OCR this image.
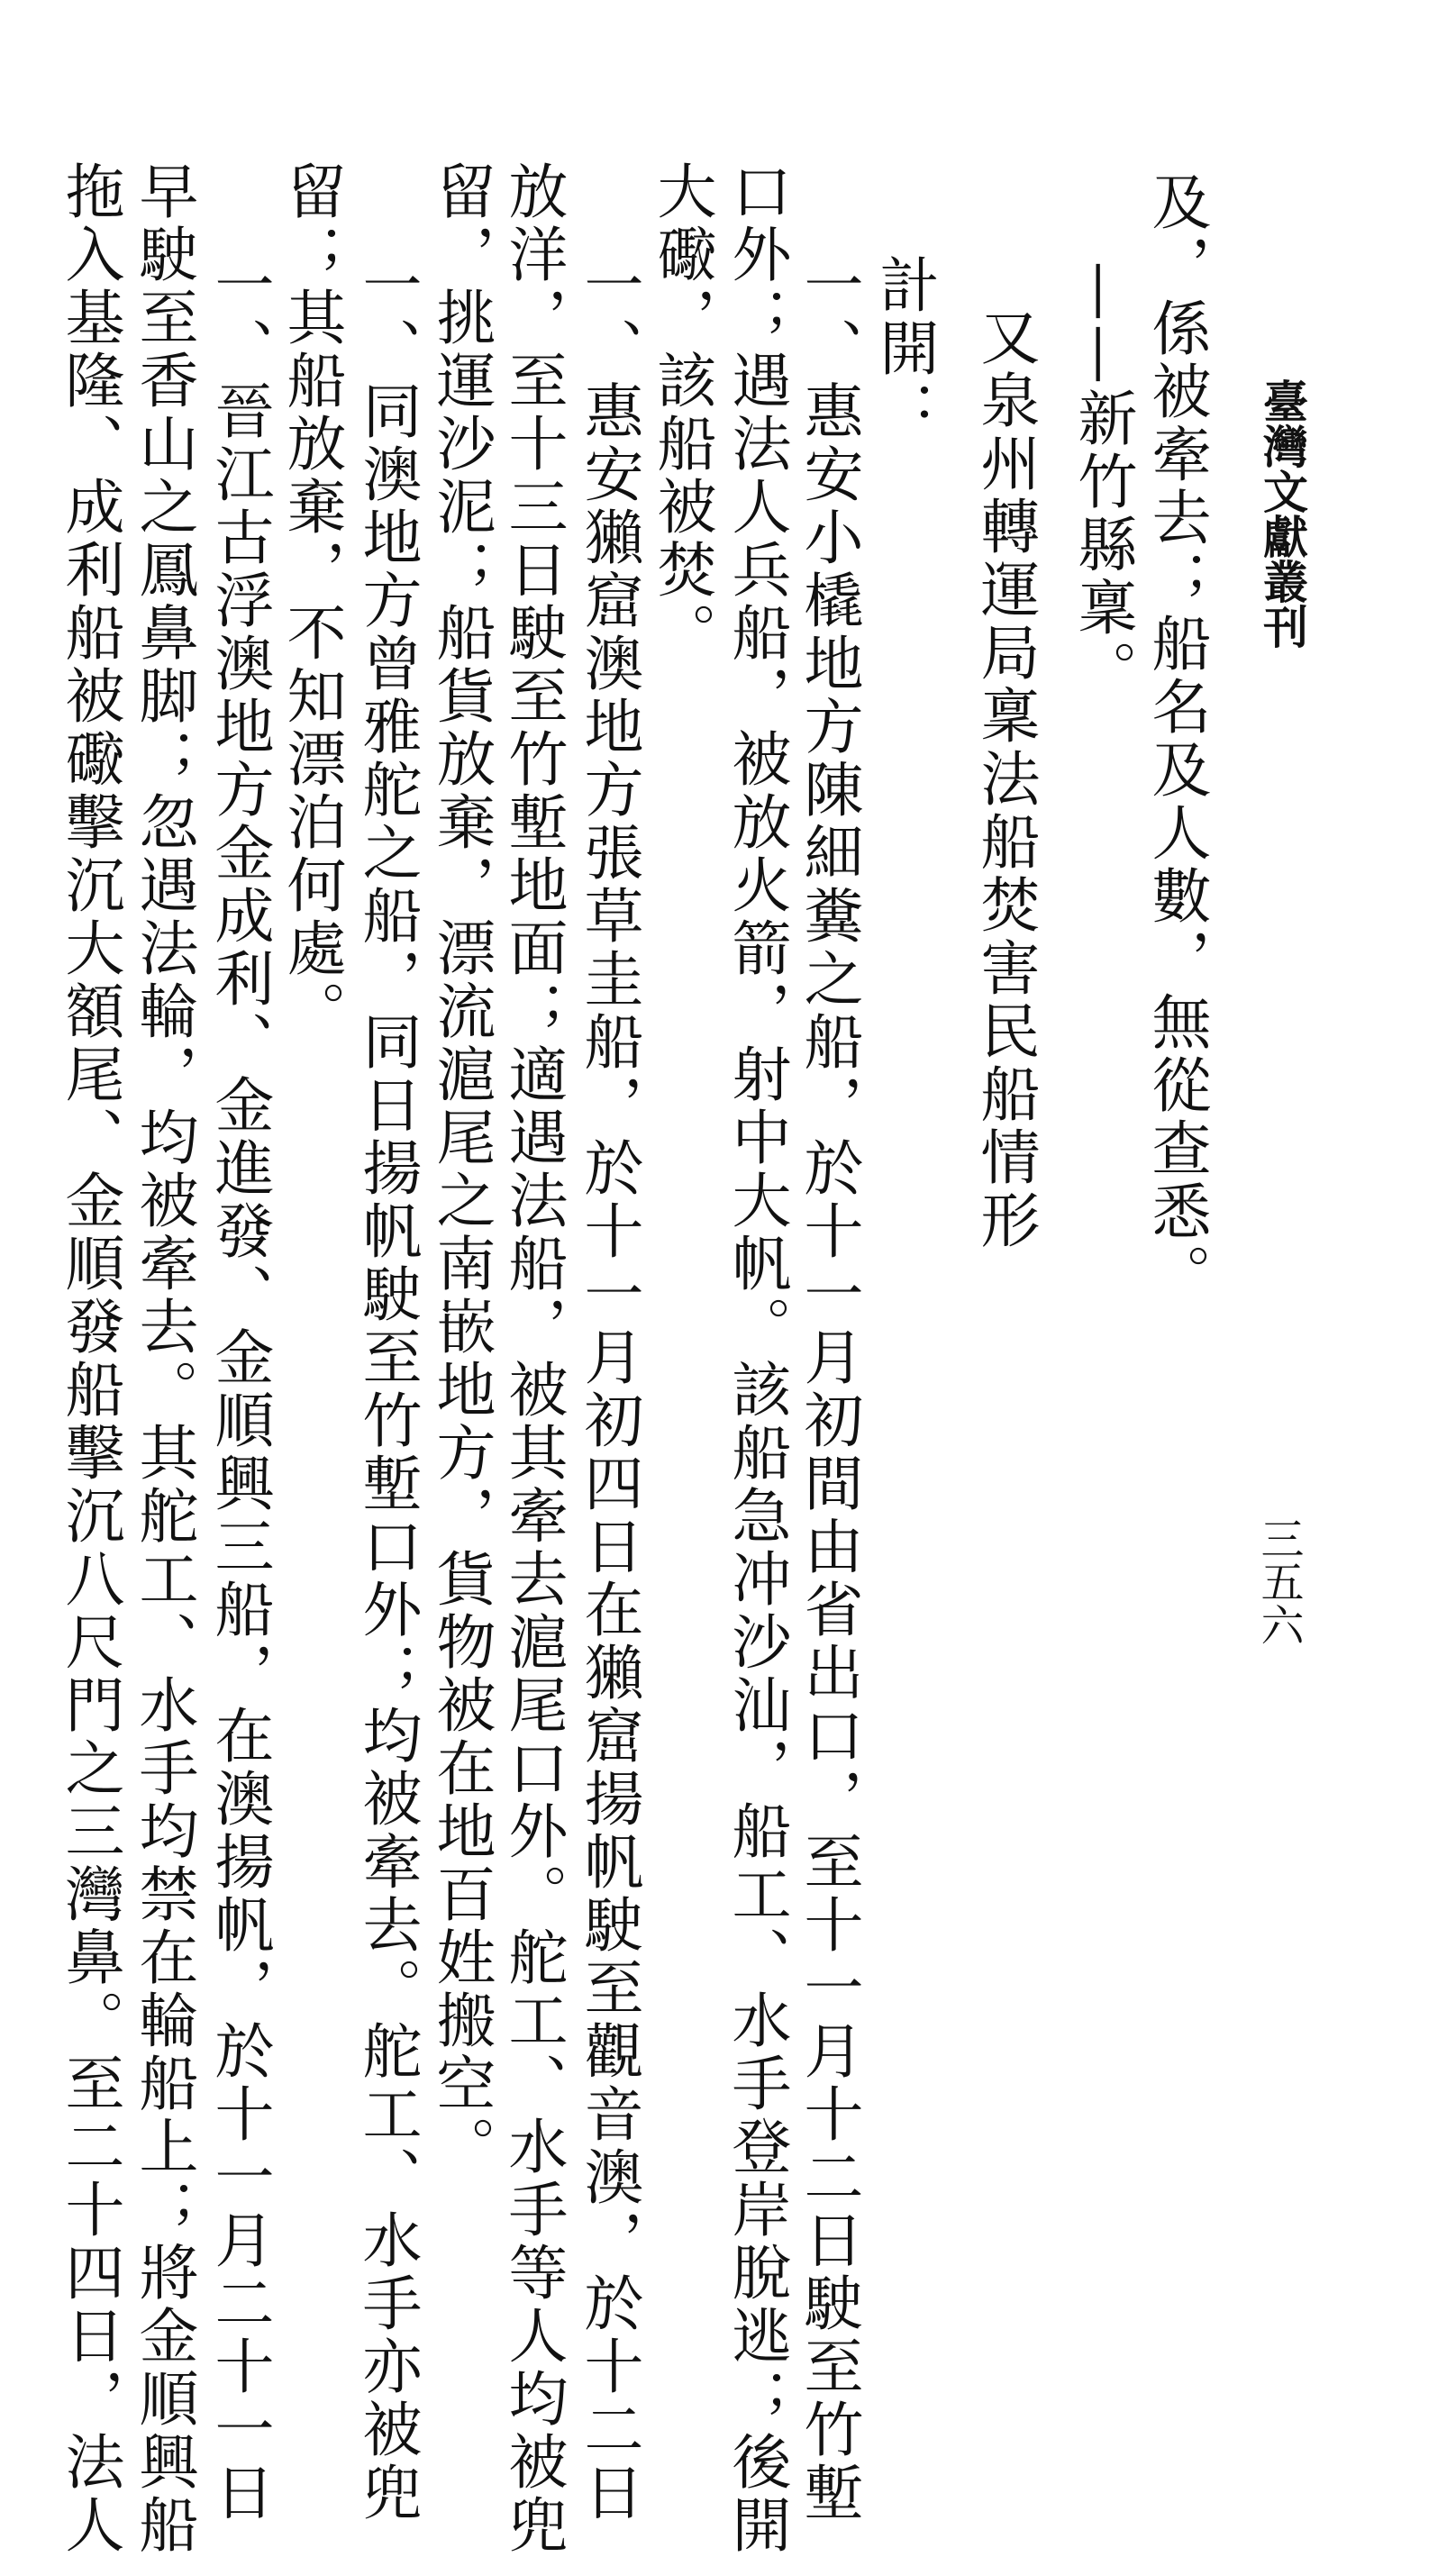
臺灣文獻叢刊
三五六
及，係被牽去；船名及人數，無從查悉。
——新竹縣稟。
又泉州轉運局稟法船焚害民船情形
計開：
一、惠安小橇地方陳細糞之船，於十一月初間由省出口，至十一月十二日駛至竹塹
口外；遇法人兵船，被放火箭，射中大帆。該船急冲沙汕，船工、水手登岸脫逃；後開
大礮，該船被焚。
一、惠安獺窟澳地方張草圭船，於十一月初四日在獺窟揚帆駛至觀音澳，於十二日
放洋，至十三日駛至竹塹地面；適遇法船，被其牽去滬尾口外。舵工、水手等人均被兜
留，挑運沙泥；船貨放棄，漂流滬尾之南嵌地方，貨物被在地百姓搬空。
一、同澳地方曾雅舵之船，同日揚帆駛至竹塹口外；均被牽去。舵工、水手亦被兜
留；其船放棄，不知漂泊何處。
一、晉江古浮澳地方金成利、金進發、金順興三船，在澳揚帆，於十一月二十一日
早駛至香山之鳳鼻脚；忽遇法輪，均被牽去。其舵工、水手均禁在輪船上；將金順興船
拖入基隆、成利船被礮擊沉大額尾、金順發船擊沉八尺門之三灣鼻。至二十四日，法人
